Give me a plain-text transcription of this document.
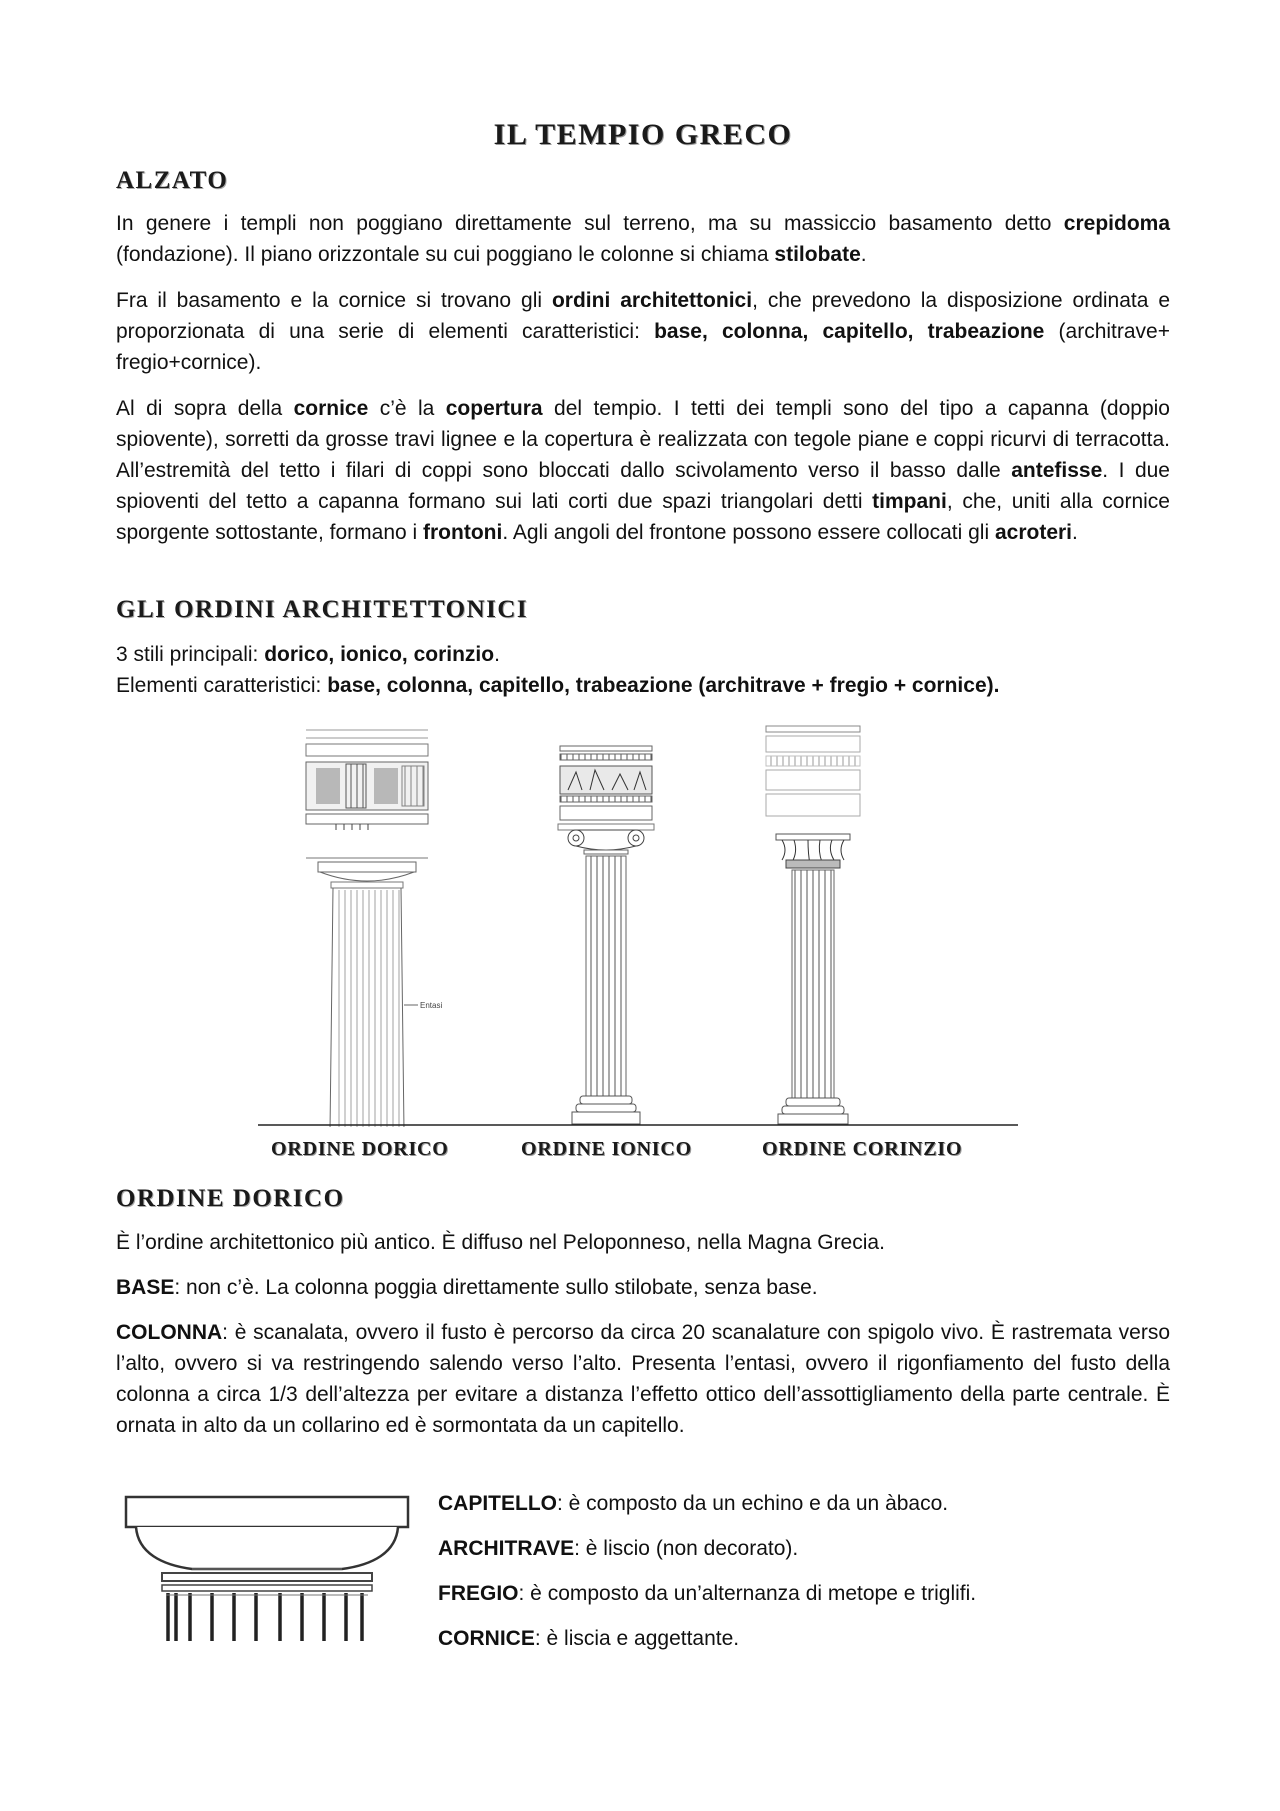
IL TEMPIO GRECO
ALZATO

In genere i templi non poggiano direttamente sul terreno, ma su massiccio basamento detto crepidoma (fondazione). Il piano orizzontale su cui poggiano le colonne si chiama stilobate.

Fra il basamento e la cornice si trovano gli ordini architettonici, che prevedono la disposizione ordinata e proporzionata di una serie di elementi caratteristici: base, colonna, capitello, trabeazione (architrave+ fregio+cornice).

Al di sopra della cornice c’è la copertura del tempio. I tetti dei templi sono del tipo a capanna (doppio spiovente), sorretti da grosse travi lignee e la copertura è realizzata con tegole piane e coppi ricurvi di terracotta. All’estremità del tetto i filari di coppi sono bloccati dallo scivolamento verso il basso dalle antefisse. I due spioventi del tetto a capanna formano sui lati corti due spazi triangolari detti timpani, che, uniti alla cornice sporgente sottostante, formano i frontoni. Agli angoli del frontone possono essere collocati gli acroteri.

GLI ORDINI ARCHITETTONICI

3 stili principali: dorico, ionico, corinzio.

Elementi caratteristici: base, colonna, capitello, trabeazione (architrave + fregio + cornice).

Entasi
ORDINE DORICO	ORDINE IONICO	ORDINE CORINZIO
ORDINE DORICO

È l’ordine architettonico più antico. È diffuso nel Peloponneso, nella Magna Grecia.

BASE: non c’è. La colonna poggia direttamente sullo stilobate, senza base.

COLONNA: è scanalata, ovvero il fusto è percorso da circa 20 scanalature con spigolo vivo. È rastremata verso l’alto, ovvero si va restringendo salendo verso l’alto. Presenta l’entasi, ovvero il rigonfiamento del fusto della colonna a circa 1/3 dell’altezza per evitare a distanza l’effetto ottico dell’assottigliamento della parte centrale. È ornata in alto da un collarino ed è sormontata da un capitello.

CAPITELLO: è composto da un echino e da un àbaco.

ARCHITRAVE: è liscio (non decorato).

FREGIO: è composto da un’alternanza di metope e triglifi.

CORNICE: è liscia e aggettante.
